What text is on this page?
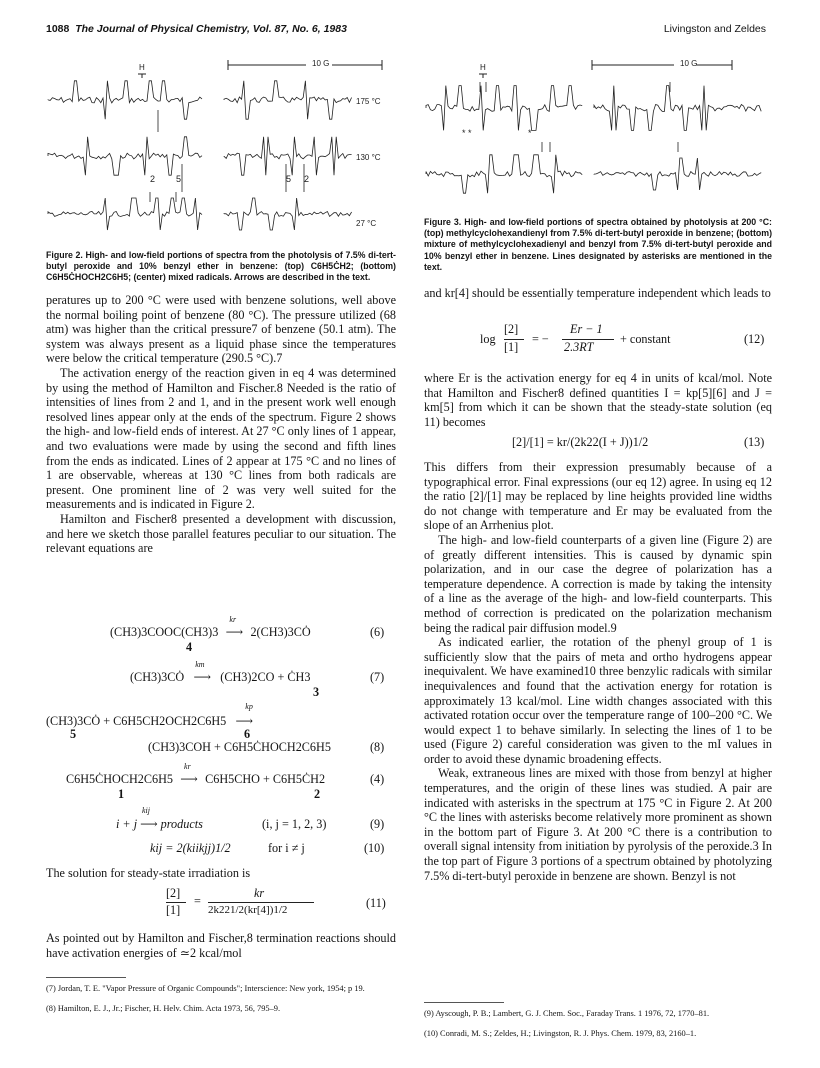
1088 The Journal of Physical Chemistry, Vol. 87, No. 6, 1983	Livingston and Zeldes
H	10 G
175 °C
130 °C
27 °C
2 5	5 2
Figure 2. High- and low-field portions of spectra from the photolysis of 7.5% di-tert-butyl peroxide and 10% benzyl ether in benzene: (top) C6H5ĊH2; (bottom) C6H5ĊHOCH2C6H5; (center) mixed radicals. Arrows are described in the text.
H	10 G
* *	*
Figure 3. High- and low-field portions of spectra obtained by photolysis at 200 °C: (top) methylcyclohexandienyl from 7.5% di-tert-butyl peroxide in benzene; (bottom) mixture of methylcyclohexadienyl and benzyl from 7.5% di-tert-butyl peroxide and 10% benzyl ether in benzene. Lines designated by asterisks are mentioned in the text.

peratures up to 200 °C were used with benzene solutions, well above the normal boiling point of benzene (80 °C). The pressure utilized (68 atm) was higher than the critical pressure7 of benzene (50.1 atm). The system was always present as a liquid phase since the temperatures were below the critical temperature (290.5 °C).7

The activation energy of the reaction given in eq 4 was determined by using the method of Hamilton and Fischer.8 Needed is the ratio of intensities of lines from 2 and 1, and in the present work well enough resolved lines appear only at the ends of the spectrum. Figure 2 shows the high- and low-field ends of interest. At 27 °C only lines of 1 appear, and two evaluations were made by using the second and fifth lines from the ends as indicated. Lines of 2 appear at 175 °C and no lines of 1 are observable, whereas at 130 °C lines from both radicals are present. One prominent line of 2 was very well suited for the measurements and is indicated in Figure 2.

Hamilton and Fischer8 presented a development with discussion, and here we sketch those parallel features peculiar to our situation. The relevant equations are

(CH3)3COOC(CH3)3
kr
⟶ 2(CH3)3CȮ
4
(6)
(CH3)3CȮ
km
⟶ (CH3)2CO + ĊH3
3
(7)
(CH3)3CȮ + C6H5CH2OCH2C6H5
kp
⟶
5	6
(CH3)3COH + C6H5ĊHOCH2C6H5	(8)
C6H5ĊHOCH2C6H5
kr
⟶ C6H5CHO + C6H5ĊH2
1	2
(4)
i + j ⟶ products
kij
(i, j = 1, 2, 3)	(9)
kij = 2(kiikjj)1/2	for i ≠ j	(10)
The solution for steady-state irradiation is
[2]
[1]
=
kr
2k221/2(kr[4])1/2	(11)
As pointed out by Hamilton and Fischer,8 termination reactions should have activation energies of ≃2 kcal/mol
(7) Jordan, T. E. "Vapor Pressure of Organic Compounds"; Interscience: New york, 1954; p 19.
(8) Hamilton, E. J., Jr.; Fischer, H. Helv. Chim. Acta 1973, 56, 795–9.
and kr[4] should be essentially temperature independent which leads to
log
[2]
[1]
= −
Er − 1
2.3RT
+ constant	(12)
where Er is the activation energy for eq 4 in units of kcal/mol. Note that Hamilton and Fischer8 defined quantities I = kp[5][6] and J = km[5] from which it can be shown that the steady-state solution (eq 11) becomes
[2]/[1] = kr/(2k22(I + J))1/2	(13)

This differs from their expression presumably because of a typographical error. Final expressions (our eq 12) agree. In using eq 12 the ratio [2]/[1] may be replaced by line heights provided line widths do not change with temperature and Er may be evaluated from the slope of an Arrhenius plot.

The high- and low-field counterparts of a given line (Figure 2) are of greatly different intensities. This is caused by dynamic spin polarization, and in our case the degree of polarization has a temperature dependence. A correction is made by taking the intensity of a line as the average of the high- and low-field counterparts. This method of correction is predicated on the polarization mechanism being the radical pair diffusion model.9

As indicated earlier, the rotation of the phenyl group of 1 is sufficiently slow that the pairs of meta and ortho hydrogens appear inequivalent. We have examined10 three benzylic radicals with similar inequivalences and found that the activation energy for rotation is approximately 13 kcal/mol. Line width changes associated with this activated rotation occur over the temperature range of 100–200 °C. We would expect 1 to behave similarly. In selecting the lines of 1 to be used (Figure 2) careful consideration was given to the mI values in order to avoid these dynamic broadening effects.

Weak, extraneous lines are mixed with those from benzyl at higher temperatures, and the origin of these lines was studied. A pair are indicated with asterisks in the spectrum at 175 °C in Figure 2. At 200 °C the lines with asterisks become relatively more prominent as shown in the bottom part of Figure 3. At 200 °C there is a contribution to overall signal intensity from initiation by pyrolysis of the peroxide.3 In the top part of Figure 3 portions of a spectrum obtained by photolyzing 7.5% di-tert-butyl peroxide in benzene are shown. Benzyl is not

(9) Ayscough, P. B.; Lambert, G. J. Chem. Soc., Faraday Trans. 1 1976, 72, 1770–81.
(10) Conradi, M. S.; Zeldes, H.; Livingston, R. J. Phys. Chem. 1979, 83, 2160–1.
